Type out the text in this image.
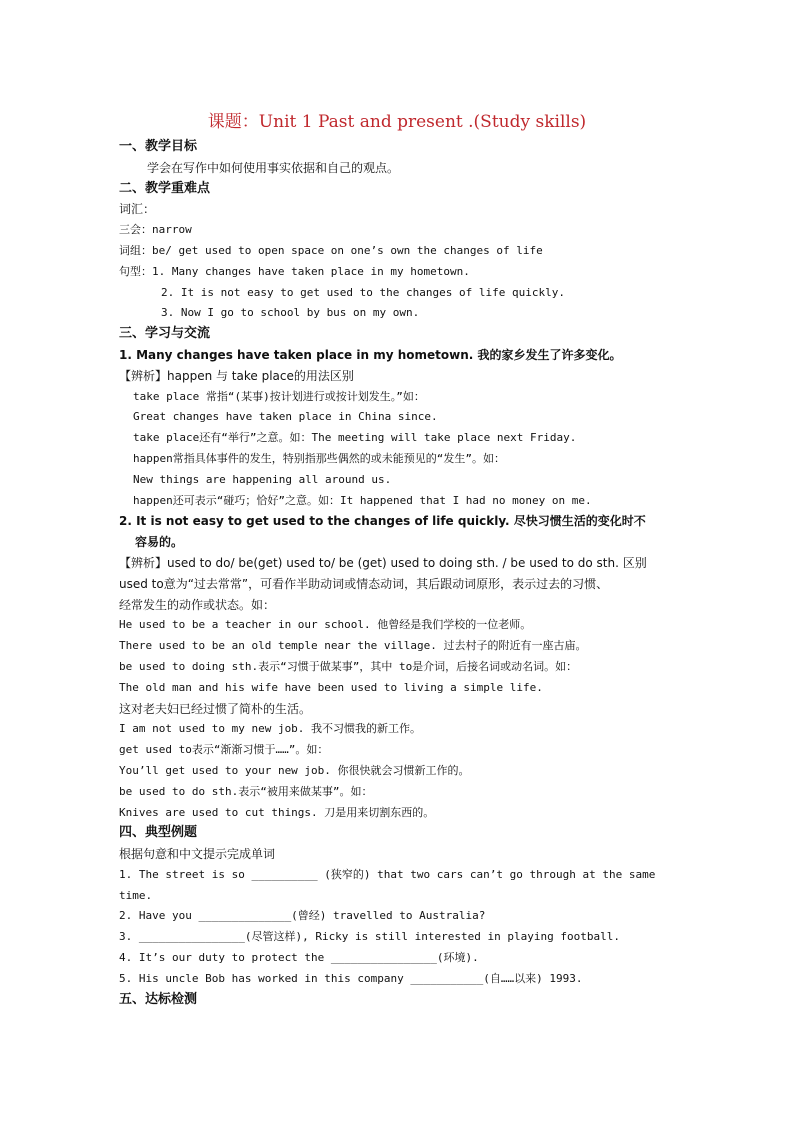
课题：Unit 1 Past and present .(Study skills)
一、教学目标
学会在写作中如何使用事实依据和自己的观点。
二、教学重难点
词汇：
三会：narrow
词组：be/ get used to open space on one’s own the changes of life
句型：1. Many changes have taken place in my hometown.
2. It is not easy to get used to the changes of life quickly.
3. Now I go to school by bus on my own.
三、学习与交流
1. Many changes have taken place in my hometown. 我的家乡发生了许多变化。
【辨析】happen 与 take place的用法区别
take place 常指“(某事)按计划进行或按计划发生。”如：
Great changes have taken place in China since.
take place还有“举行”之意。如：The meeting will take place next Friday.
happen常指具体事件的发生，特别指那些偶然的或未能预见的“发生”。如：
New things are happening all around us.
happen还可表示“碰巧；恰好”之意。如：It happened that I had no money on me.
2. It is not easy to get used to the changes of life quickly. 尽快习惯生活的变化时不
容易的。
【辨析】used to do/ be(get) used to/ be (get) used to doing sth. / be used to do sth. 区别
used to意为“过去常常”，可看作半助动词或情态动词，其后跟动词原形，表示过去的习惯、
经常发生的动作或状态。如：
He used to be a teacher in our school. 他曾经是我们学校的一位老师。
There used to be an old temple near the village. 过去村子的附近有一座古庙。
be used to doing sth.表示“习惯于做某事”，其中 to是介词，后接名词或动名词。如：
The old man and his wife have been used to living a simple life.
这对老夫妇已经过惯了简朴的生活。
I am not used to my new job. 我不习惯我的新工作。
get used to表示“渐渐习惯于……”。如：
You’ll get used to your new job. 你很快就会习惯新工作的。
be used to do sth.表示“被用来做某事”。如：
Knives are used to cut things. 刀是用来切割东西的。
四、典型例题
根据句意和中文提示完成单词
1. The street is so __________ (狭窄的) that two cars can’t go through at the same
time.
2. Have you ______________(曾经) travelled to Australia?
3. ________________(尽管这样), Ricky is still interested in playing football.
4. It’s our duty to protect the ________________(环境).
5. His uncle Bob has worked in this company ___________(自……以来) 1993.
五、达标检测
